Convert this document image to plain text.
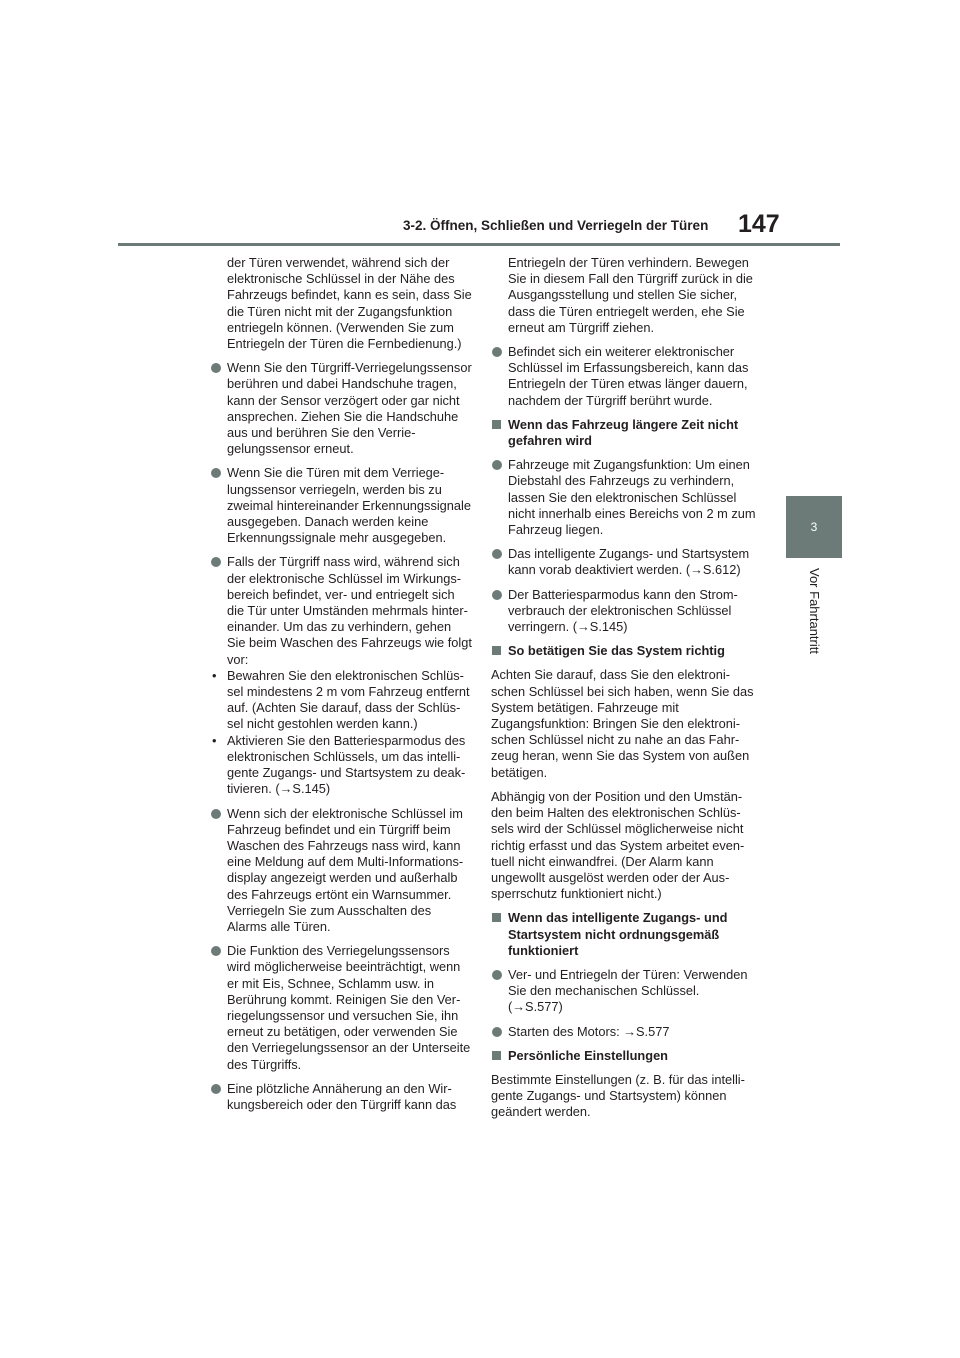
3-2. Öffnen, Schließen und Verriegeln der Türen 147
3
Vor Fahrtantritt
der Türen verwendet, während sich der elektronische Schlüssel in der Nähe des Fahrzeugs befindet, kann es sein, dass Sie die Türen nicht mit der Zugangsfunktion entriegeln können. (Verwenden Sie zum Entriegeln der Türen die Fernbedienung.)
Wenn Sie den Türgriff-Verriegelungssensor berühren und dabei Handschuhe tragen, kann der Sensor verzögert oder gar nicht ansprechen. Ziehen Sie die Handschuhe aus und berühren Sie den Verriegelungssensor erneut.
Wenn Sie die Türen mit dem Verriegelungssensor verriegeln, werden bis zu zweimal hintereinander Erkennungssignale ausgegeben. Danach werden keine Erkennungssignale mehr ausgegeben.
Falls der Türgriff nass wird, während sich der elektronische Schlüssel im Wirkungsbereich befindet, ver- und entriegelt sich die Tür unter Umständen mehrmals hintereinander. Um das zu verhindern, gehen Sie beim Waschen des Fahrzeugs wie folgt vor:

• Bewahren Sie den elektronischen Schlüssel mindestens 2 m vom Fahrzeug entfernt auf. (Achten Sie darauf, dass der Schlüssel nicht gestohlen werden kann.)

• Aktivieren Sie den Batteriesparmodus des elektronischen Schlüssels, um das intelligente Zugangs- und Startsystem zu deaktivieren. (→S.145)

Wenn sich der elektronische Schlüssel im Fahrzeug befindet und ein Türgriff beim Waschen des Fahrzeugs nass wird, kann eine Meldung auf dem Multi-Informationsdisplay angezeigt werden und außerhalb des Fahrzeugs ertönt ein Warnsummer. Verriegeln Sie zum Ausschalten des Alarms alle Türen.
Die Funktion des Verriegelungssensors wird möglicherweise beeinträchtigt, wenn er mit Eis, Schnee, Schlamm usw. in Berührung kommt. Reinigen Sie den Verriegelungssensor und versuchen Sie, ihn erneut zu betätigen, oder verwenden Sie den Verriegelungssensor an der Unterseite des Türgriffs.
Eine plötzliche Annäherung an den Wirkungsbereich oder den Türgriff kann das
Entriegeln der Türen verhindern. Bewegen Sie in diesem Fall den Türgriff zurück in die Ausgangsstellung und stellen Sie sicher, dass die Türen entriegelt werden, ehe Sie erneut am Türgriff ziehen.
Befindet sich ein weiterer elektronischer Schlüssel im Erfassungsbereich, kann das Entriegeln der Türen etwas länger dauern, nachdem der Türgriff berührt wurde.
Wenn das Fahrzeug längere Zeit nicht gefahren wird
Fahrzeuge mit Zugangsfunktion: Um einen Diebstahl des Fahrzeugs zu verhindern, lassen Sie den elektronischen Schlüssel nicht innerhalb eines Bereichs von 2 m zum Fahrzeug liegen.
Das intelligente Zugangs- und Startsystem kann vorab deaktiviert werden. (→S.612)
Der Batteriesparmodus kann den Stromverbrauch der elektronischen Schlüssel verringern. (→S.145)
So betätigen Sie das System richtig

Achten Sie darauf, dass Sie den elektronischen Schlüssel bei sich haben, wenn Sie das System betätigen. Fahrzeuge mit Zugangsfunktion: Bringen Sie den elektronischen Schlüssel nicht zu nahe an das Fahrzeug heran, wenn Sie das System von außen betätigen.

Abhängig von der Position und den Umständen beim Halten des elektronischen Schlüssels wird der Schlüssel möglicherweise nicht richtig erfasst und das System arbeitet eventuell nicht einwandfrei. (Der Alarm kann ungewollt ausgelöst werden oder der Aussperrschutz funktioniert nicht.)

Wenn das intelligente Zugangs- und Startsystem nicht ordnungsgemäß funktioniert
Ver- und Entriegeln der Türen: Verwenden Sie den mechanischen Schlüssel. (→S.577)
Starten des Motors: →S.577
Persönliche Einstellungen

Bestimmte Einstellungen (z. B. für das intelligente Zugangs- und Startsystem) können geändert werden.
